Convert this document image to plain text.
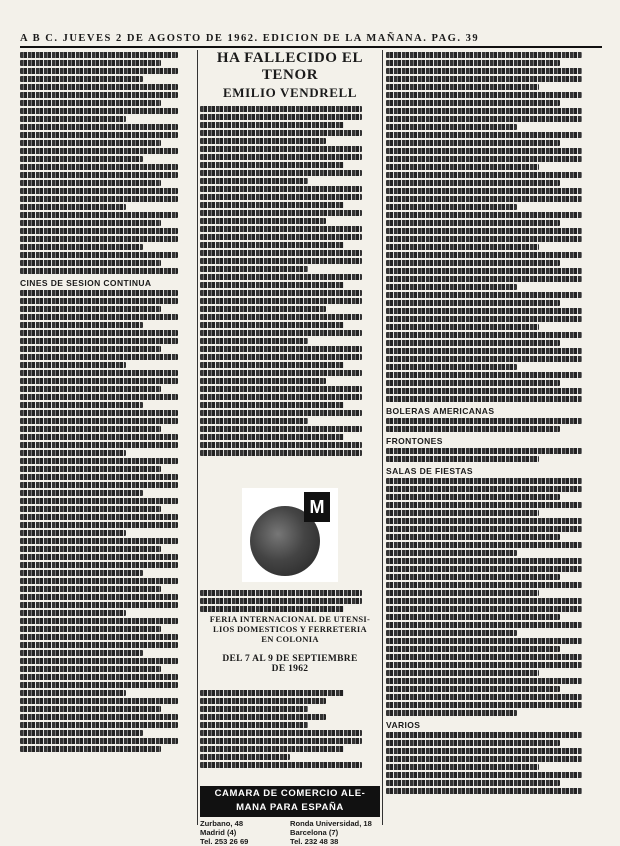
A B C. JUEVES 2 DE AGOSTO DE 1962. EDICION DE LA MAÑANA. PAG. 39
CINES DE SESION CONTINUA
HA FALLECIDO EL TENOR
EMILIO VENDRELL
M
FERIA INTERNACIONAL DE UTENSI-
LIOS DOMESTICOS Y FERRETERIA
EN COLONIA
DEL 7 AL 9 DE SEPTIEMBRE
DE 1962
CAMARA DE COMERCIO ALE-
MANA PARA ESPAÑA
Zurbano, 48
Madrid (4)
Tel. 253 26 69
Ronda Universidad, 18
Barcelona (7)
Tel. 232 48 38
BOLERAS AMERICANAS
FRONTONES
SALAS DE FIESTAS
VARIOS
